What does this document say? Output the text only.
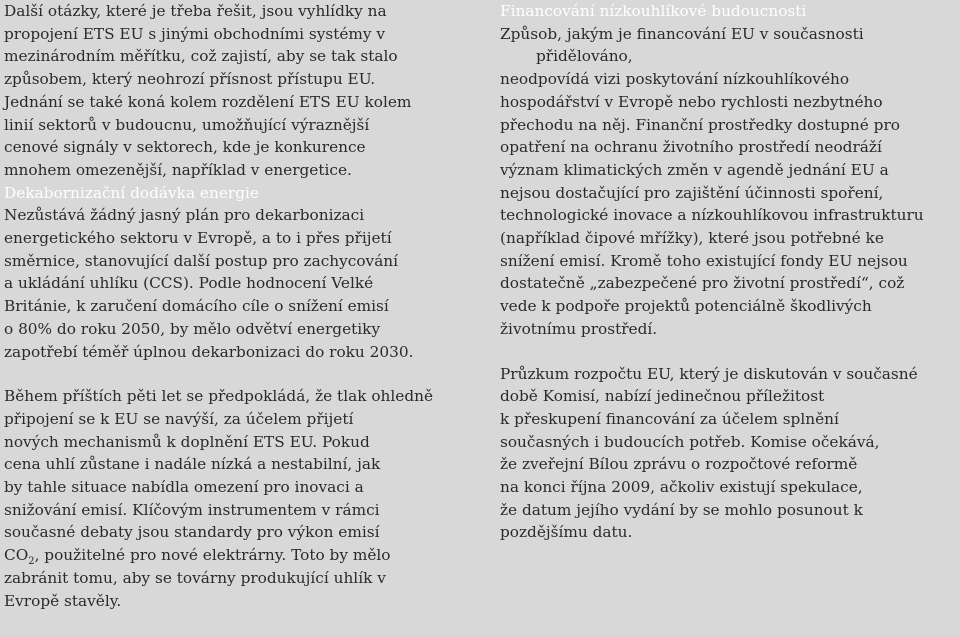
Další otázky, které je třeba řešit, jsou vyhlídky na
propojení ETS EU s jinými obchodními systémy v
mezinárodním měřítku, což zajistí, aby se tak stalo
způsobem, který neohrozí přísnost přístupu EU.
Jednání se také koná kolem rozdělení ETS EU kolem
linií sektorů v budoucnu, umožňující výraznější
cenové signály v sektorech, kde je konkurence
mnohem omezenější, například v energetice.

Dekabornizační dodávka energie

Nezůstává žádný jasný plán pro dekarbonizaci
energetického sektoru v Evropě, a to i přes přijetí
směrnice, stanovující další postup pro zachycování
a ukládání uhlíku (CCS). Podle hodnocení Velké
Británie, k zaručení domácího cíle o snížení emisí
o 80% do roku 2050, by mělo odvětví energetiky
zapotřebí téměř úplnou dekarbonizaci do roku 2030.

Během příštích pěti let se předpokládá, že tlak ohledně
připojení se k EU se navýší, za účelem přijetí
nových mechanismů k doplnění ETS EU. Pokud
cena uhlí zůstane i nadále nízká a nestabilní, jak
by tahle situace nabídla omezení pro inovaci a
snižování emisí. Klíčovým instrumentem v rámci
současné debaty jsou standardy pro výkon emisí
$CO_2$, použitelné pro nové elektrárny. Toto by mělo
zabránit tomu, aby se továrny produkující uhlík v
Evropě stavěly.

Financování nízkouhlíkové budoucnosti

Způsob, jakým je financování EU v současnosti přidělováno,
neodpovídá vizi poskytování nízkouhlíkového
hospodářství v Evropě nebo rychlosti nezbytného
přechodu na něj. Finanční prostředky dostupné pro
opatření na ochranu životního prostředí neodráží
význam klimatických změn v agendě jednání EU a
nejsou dostačující pro zajištění účinnosti spoření,
technologické inovace a nízkouhlíkovou infrastrukturu
(například čipové mřížky), které jsou potřebné ke
snížení emisí. Kromě toho existující fondy EU nejsou
dostatečně „zabezpečené pro životní prostředí“, což
vede k podpoře projektů potenciálně škodlivých
životnímu prostředí.

Průzkum rozpočtu EU, který je diskutován v současné
době Komisí, nabízí jedinečnou příležitost
k přeskupení financování za účelem splnění
současných i budoucích potřeb. Komise očekává,
že zveřejní Bílou zprávu o rozpočtové reformě
na konci října 2009, ačkoliv existují spekulace,
že datum jejího vydání by se mohlo posunout k
pozdějšímu datu.
